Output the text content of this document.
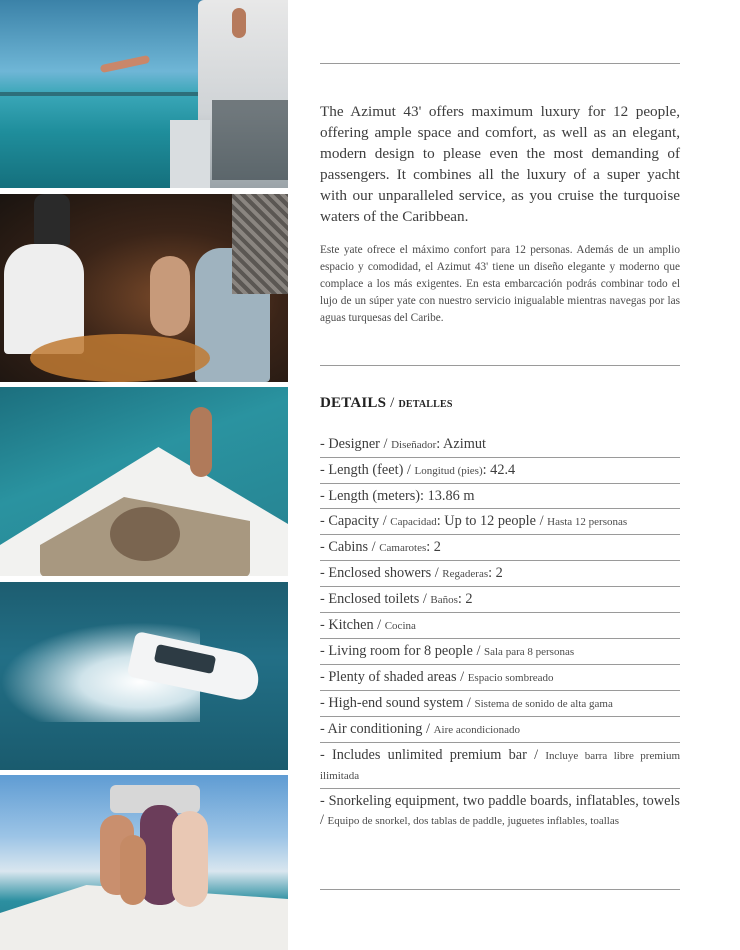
The Azimut 43' offers maximum luxury for 12 people, offering ample space and comfort, as well as an elegant, modern design to please even the most demanding of passengers. It combines all the luxury of a super yacht with our unparalleled service, as you cruise the turquoise waters of the Caribbean.

Este yate ofrece el máximo confort para 12 personas. Además de un amplio espacio y comodidad, el Azimut 43' tiene un diseño elegante y moderno que complace a los más exigentes. En esta embarcación podrás combinar todo el lujo de un súper yate con nuestro servicio inigualable mientras navegas por las aguas turquesas del Caribe.

DETAILS / detalles
- Designer / Diseñador: Azimut
- Length (feet) / Longitud (pies): 42.4
- Length (meters): 13.86 m
- Capacity / Capacidad: Up to 12 people / Hasta 12 personas
- Cabins / Camarotes: 2
- Enclosed showers / Regaderas: 2
- Enclosed toilets / Baños: 2
- Kitchen / Cocina
- Living room for 8 people / Sala para 8 personas
- Plenty of shaded areas / Espacio sombreado
- High-end sound system / Sistema de sonido de alta gama
- Air conditioning / Aire acondicionado
- Includes unlimited premium bar / Incluye barra libre premium ilimitada
- Snorkeling equipment, two paddle boards, inflatables, towels / Equipo de snorkel, dos tablas de paddle, juguetes inflables, toallas
